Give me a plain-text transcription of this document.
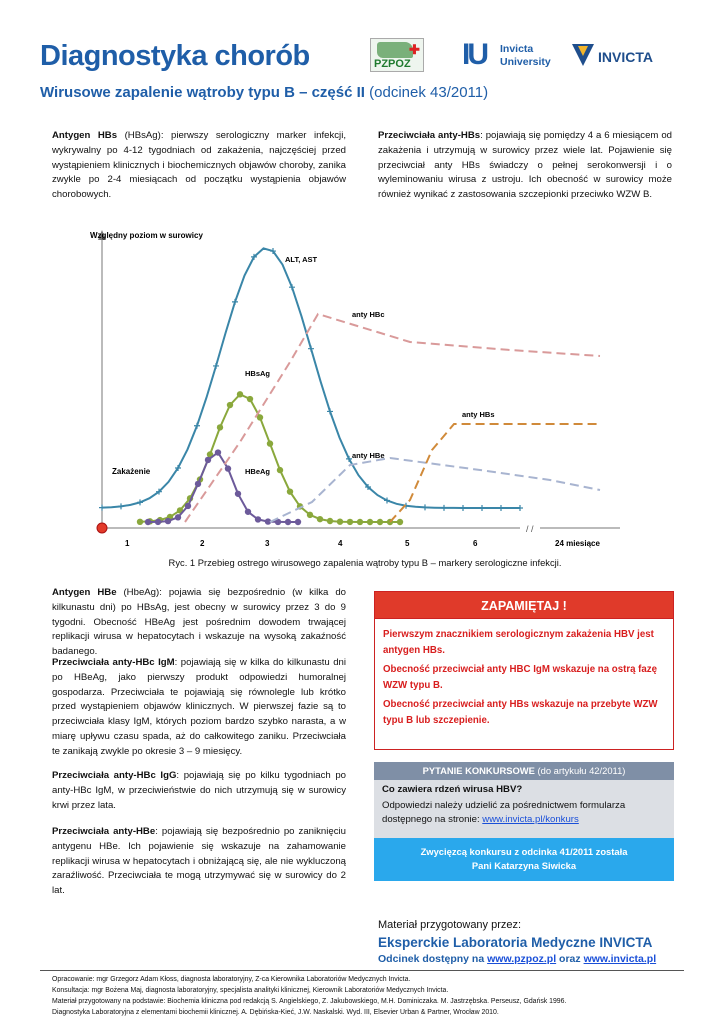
Diagnostyka chorób
Wirusowe zapalenie wątroby typu B – część II (odcinek 43/2011)
✚
PZPOZ IU Invicta
University	INVICTA
Antygen HBs (HBsAg): pierwszy serologiczny marker infekcji, wykrywalny po 4-12 tygodniach od zakażenia, najczęściej przed wystąpieniem klinicznych i biochemicznych objawów choroby, zanika zwykle po 2-4 miesiącach od początku wystąpienia objawów chorobowych.
Przeciwciała anty-HBs: pojawiają się pomiędzy 4 a 6 miesiącem od zakażenia i utrzymują w surowicy przez wiele lat. Pojawienie się przeciwciał anty HBs świadczy o pełnej serokonwersji i o wyleminowaniu wirusa z ustroju. Ich obecność w surowicy może również wynikać z zastosowania szczepionki przeciwko WZW B.
Względny poziom w surowicy
/ /
1	2	3	4	5	6	24 miesiące
ALT, AST
HBsAg
HBeAg
anty HBc
anty HBe
anty HBs
Zakażenie
Ryc. 1 Przebieg ostrego wirusowego zapalenia wątroby typu B – markery serologiczne infekcji.
Antygen HBe (HbeAg): pojawia się bezpośrednio (w kilka do kilkunastu dni) po HBsAg, jest obecny w surowicy przez 3 do 9 tygodni. Obecność HBeAg jest pośrednim dowodem trwającej replikacji wirusa w hepatocytach i wskazuje na wysoką zakaźność badanego.
Przeciwciała anty-HBc IgM: pojawiają się w kilka do kilkunastu dni po HBeAg, jako pierwszy produkt odpowiedzi humoralnej gospodarza. Przeciwciała te pojawiają się równolegle lub krótko przed wystąpieniem objawów klinicznych. W pierwszej fazie są to przeciwciała klasy IgM, których poziom bardzo szybko narasta, a w miarę upływu czasu spada, aż do całkowitego zaniku. Przeciwciała te zanikają zwykle po okresie 3 – 9 miesięcy.
Przeciwciała anty-HBc IgG: pojawiają się po kilku tygodniach po anty-HBc IgM, w przeciwieństwie do nich utrzymują się w surowicy krwi przez lata.
Przeciwciała anty-HBe: pojawiają się bezpośrednio po zaniknięciu antygenu HBe. Ich pojawienie się wskazuje na zahamowanie replikacji wirusa w hepatocytach i obniżającą się, ale nie wykluczoną zaraźliwość. Przeciwciała te mogą utrzymywać się w surowicy do 2 lat.
ZAPAMIĘTAJ !

Pierwszym znacznikiem serologicznym zakażenia HBV jest antygen HBs.

Obecność przeciwciał anty HBC IgM wskazuje na ostrą fazę WZW typu B.

Obecność przeciwciał anty HBs wskazuje na przebyte WZW typu B lub szczepienie.

PYTANIE KONKURSOWE (do artykułu 42/2011)
Co zawiera rdzeń wirusa HBV?
Odpowiedzi należy udzielić za pośrednictwem formularza dostępnego na stronie: www.invicta.pl/konkurs
Zwycięzcą konkursu z odcinka 41/2011 została
Pani Katarzyna Siwicka
Materiał przygotowany przez:
Eksperckie Laboratoria Medyczne INVICTA
Odcinek dostępny na www.pzpoz.pl oraz www.invicta.pl
Opracowanie: mgr Grzegorz Adam Kłoss, diagnosta laboratoryjny, Z-ca Kierownika Laboratoriów Medycznych Invicta.
Konsultacja: mgr Bożena Maj, diagnosta laboratoryjny, specjalista analityki klinicznej, Kierownik Laboratoriów Medycznych Invicta.
Materiał przygotowany na podstawie: Biochemia kliniczna pod redakcją S. Angielskiego, Z. Jakubowskiego, M.H. Dominiczaka. M. Jastrzębska. Perseusz, Gdańsk 1996.
Diagnostyka Laboratoryjna z elementami biochemii klinicznej. A. Dębińska-Kieć, J.W. Naskalski. Wyd. III, Elsevier Urban & Partner, Wrocław 2010.
